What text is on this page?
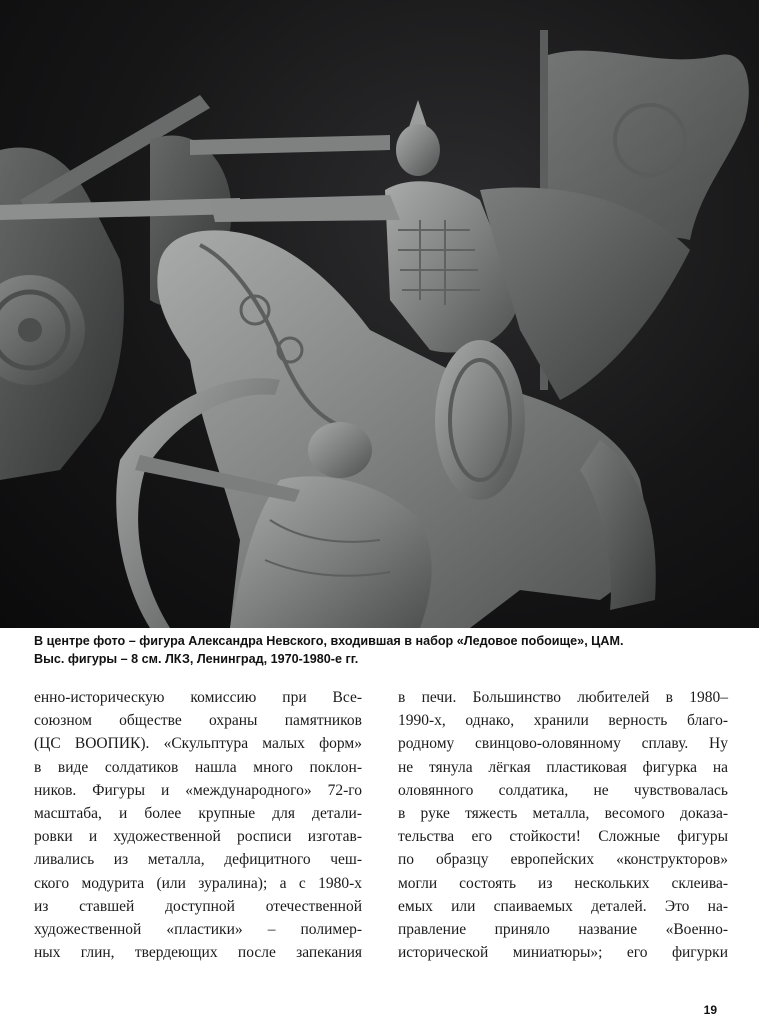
В центре фото – фигура Александра Невского, входившая в набор «Ледовое побоище», ЦАМ.
Выс. фигуры – 8 см. ЛКЗ, Ленинград, 1970-1980-е гг.
енно-историческую комиссию при Все-
союзном обществе охраны памятников
(ЦС ВООПИК). «Скульптура малых форм»
в виде солдатиков нашла много поклон-
ников. Фигуры и «международного» 72-го
масштаба, и более крупные для детали-
ровки и художественной росписи изготав-
ливались из металла, дефицитного чеш-
ского модурита (или зуралина); а с 1980-х
из ставшей доступной отечественной
художественной «пластики» – полимер-
ных глин, твердеющих после запекания
в печи. Большинство любителей в 1980–
1990-х, однако, хранили верность благо-
родному свинцово-оловянному сплаву. Ну
не тянула лёгкая пластиковая фигурка на
оловянного солдатика, не чувствовалась
в руке тяжесть металла, весомого доказа-
тельства его стойкости! Сложные фигуры
по образцу европейских «конструкторов»
могли состоять из нескольких склеива-
емых или спаиваемых деталей. Это на-
правление приняло название «Военно-
исторической миниатюры»; его фигурки
19
